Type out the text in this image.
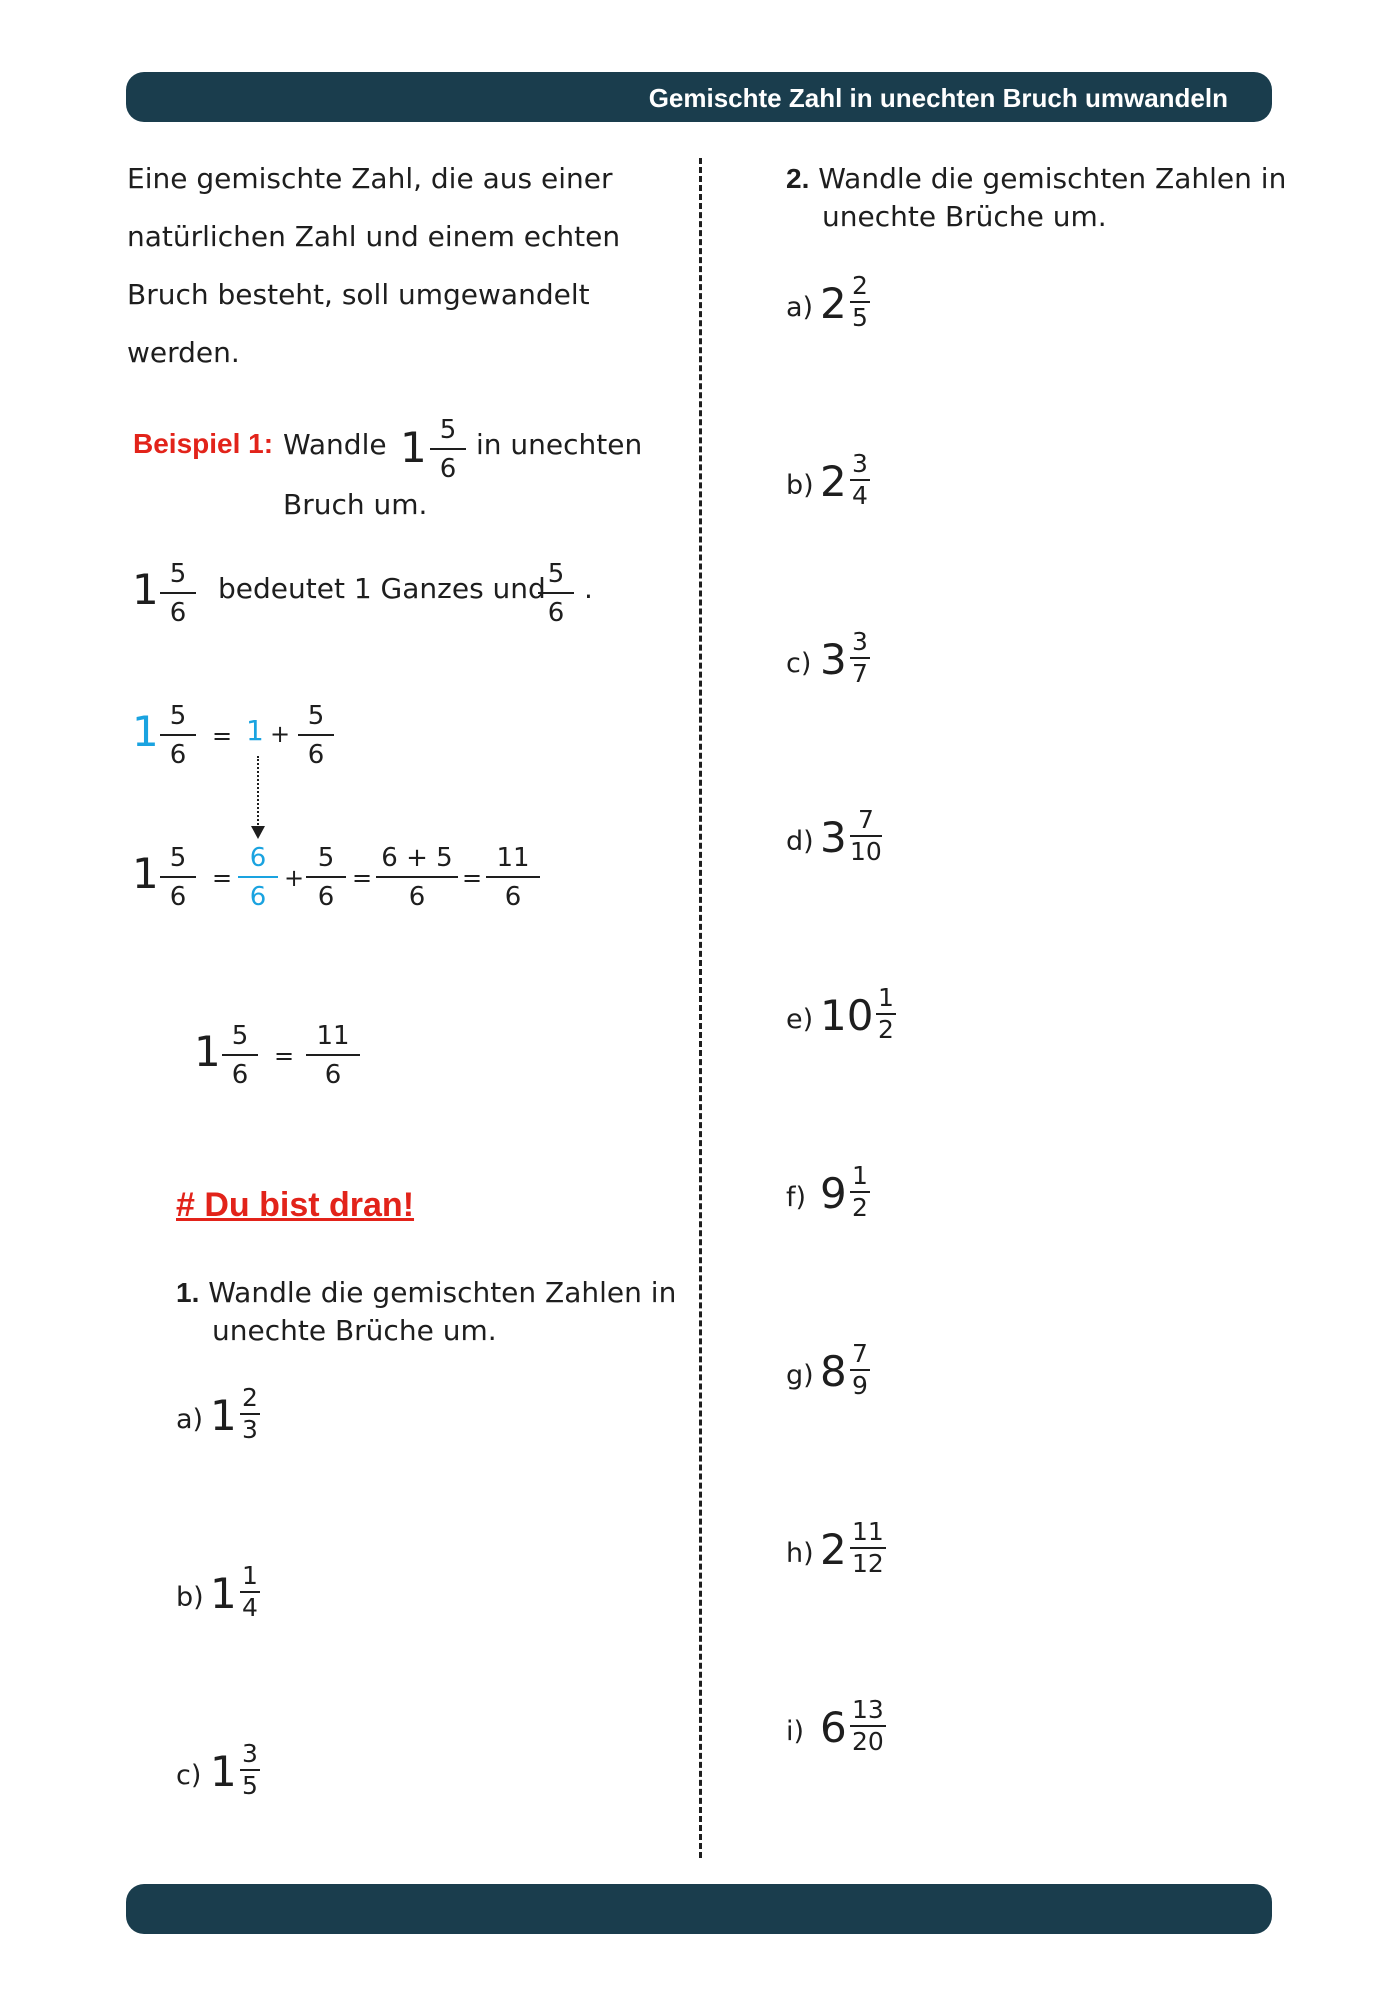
Gemischte Zahl in unechten Bruch umwandeln
Eine gemischte Zahl, die aus einer natürlichen Zahl und einem echten Bruch besteht, soll umgewandelt werden.
Beispiel 1: Wandle $1 \frac{5}{6}$ in unechten
Bruch um.
$1 \frac{5}{6}$ bedeutet 1 Ganzes und
$\frac{5}{6}$ .
$1 \frac{5}{6} = 1 + \frac{5}{6}$
$1 \frac{5}{6} = \frac{6}{6} + \frac{5}{6} = \frac{6 + 5}{6} = \frac{11}{6}$
$1 \frac{5}{6} = \frac{11}{6}$
# Du bist dran!
1. Wandle die gemischten Zahlen in
unechte Brüche um.
a) $1 \frac{2}{3}$
b) $1 \frac{1}{4}$
c) $1 \frac{3}{5}$
2. Wandle die gemischten Zahlen in
unechte Brüche um.
a) $2 \frac{2}{5}$
b) $2 \frac{3}{4}$
c) $3 \frac{3}{7}$
d) $3 \frac{7}{10}$
e) $10 \frac{1}{2}$
f) $9 \frac{1}{2}$
g) $8 \frac{7}{9}$
h) $2 \frac{11}{12}$
i) $6 \frac{13}{20}$
